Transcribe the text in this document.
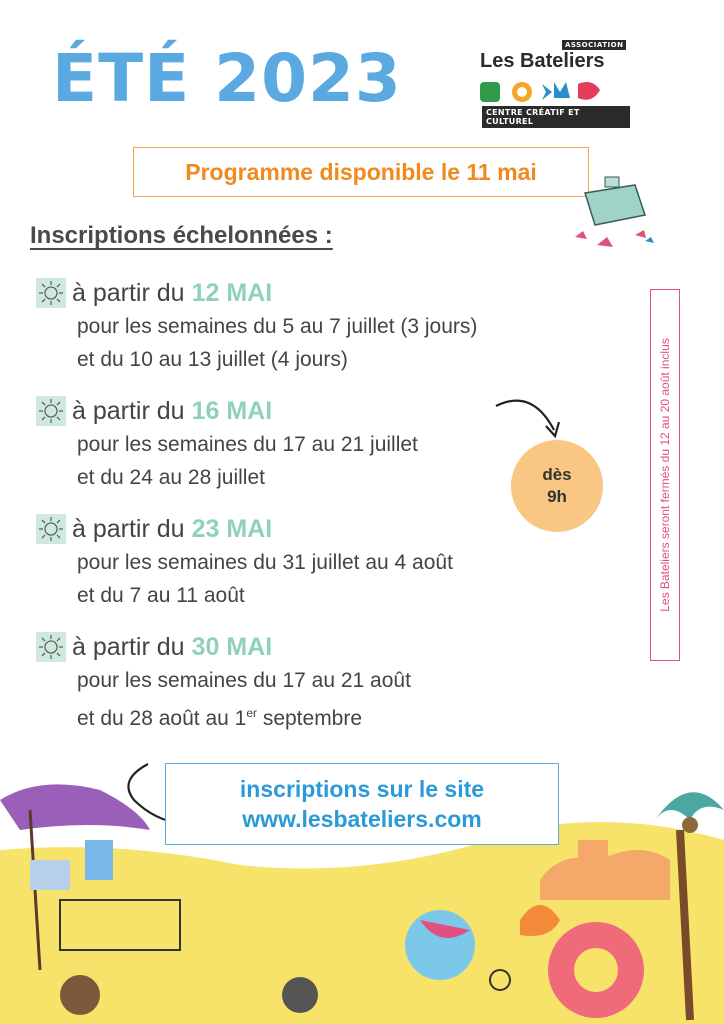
ÉTÉ 2023	ASSOCIATION
Les Bateliers
CENTRE CRÉATIF ET CULTUREL
Programme disponible le 11 mai
Inscriptions échelonnées :
à partir du 12 MAI
pour les semaines du 5 au 7 juillet (3 jours)
et du 10 au 13 juillet (4 jours)
à partir du 16 MAI
pour les semaines du 17 au 21 juillet
et du 24 au 28 juillet
à partir du 23 MAI
pour les semaines du 31 juillet au 4 août
et du 7 au 11 août
à partir du 30 MAI
pour les semaines du 17 au 21 août
et du 28 août au 1er septembre
dès
9h	Les Bateliers seront fermés du 12 au 20 août inclus
inscriptions sur le site
www.lesbateliers.com
